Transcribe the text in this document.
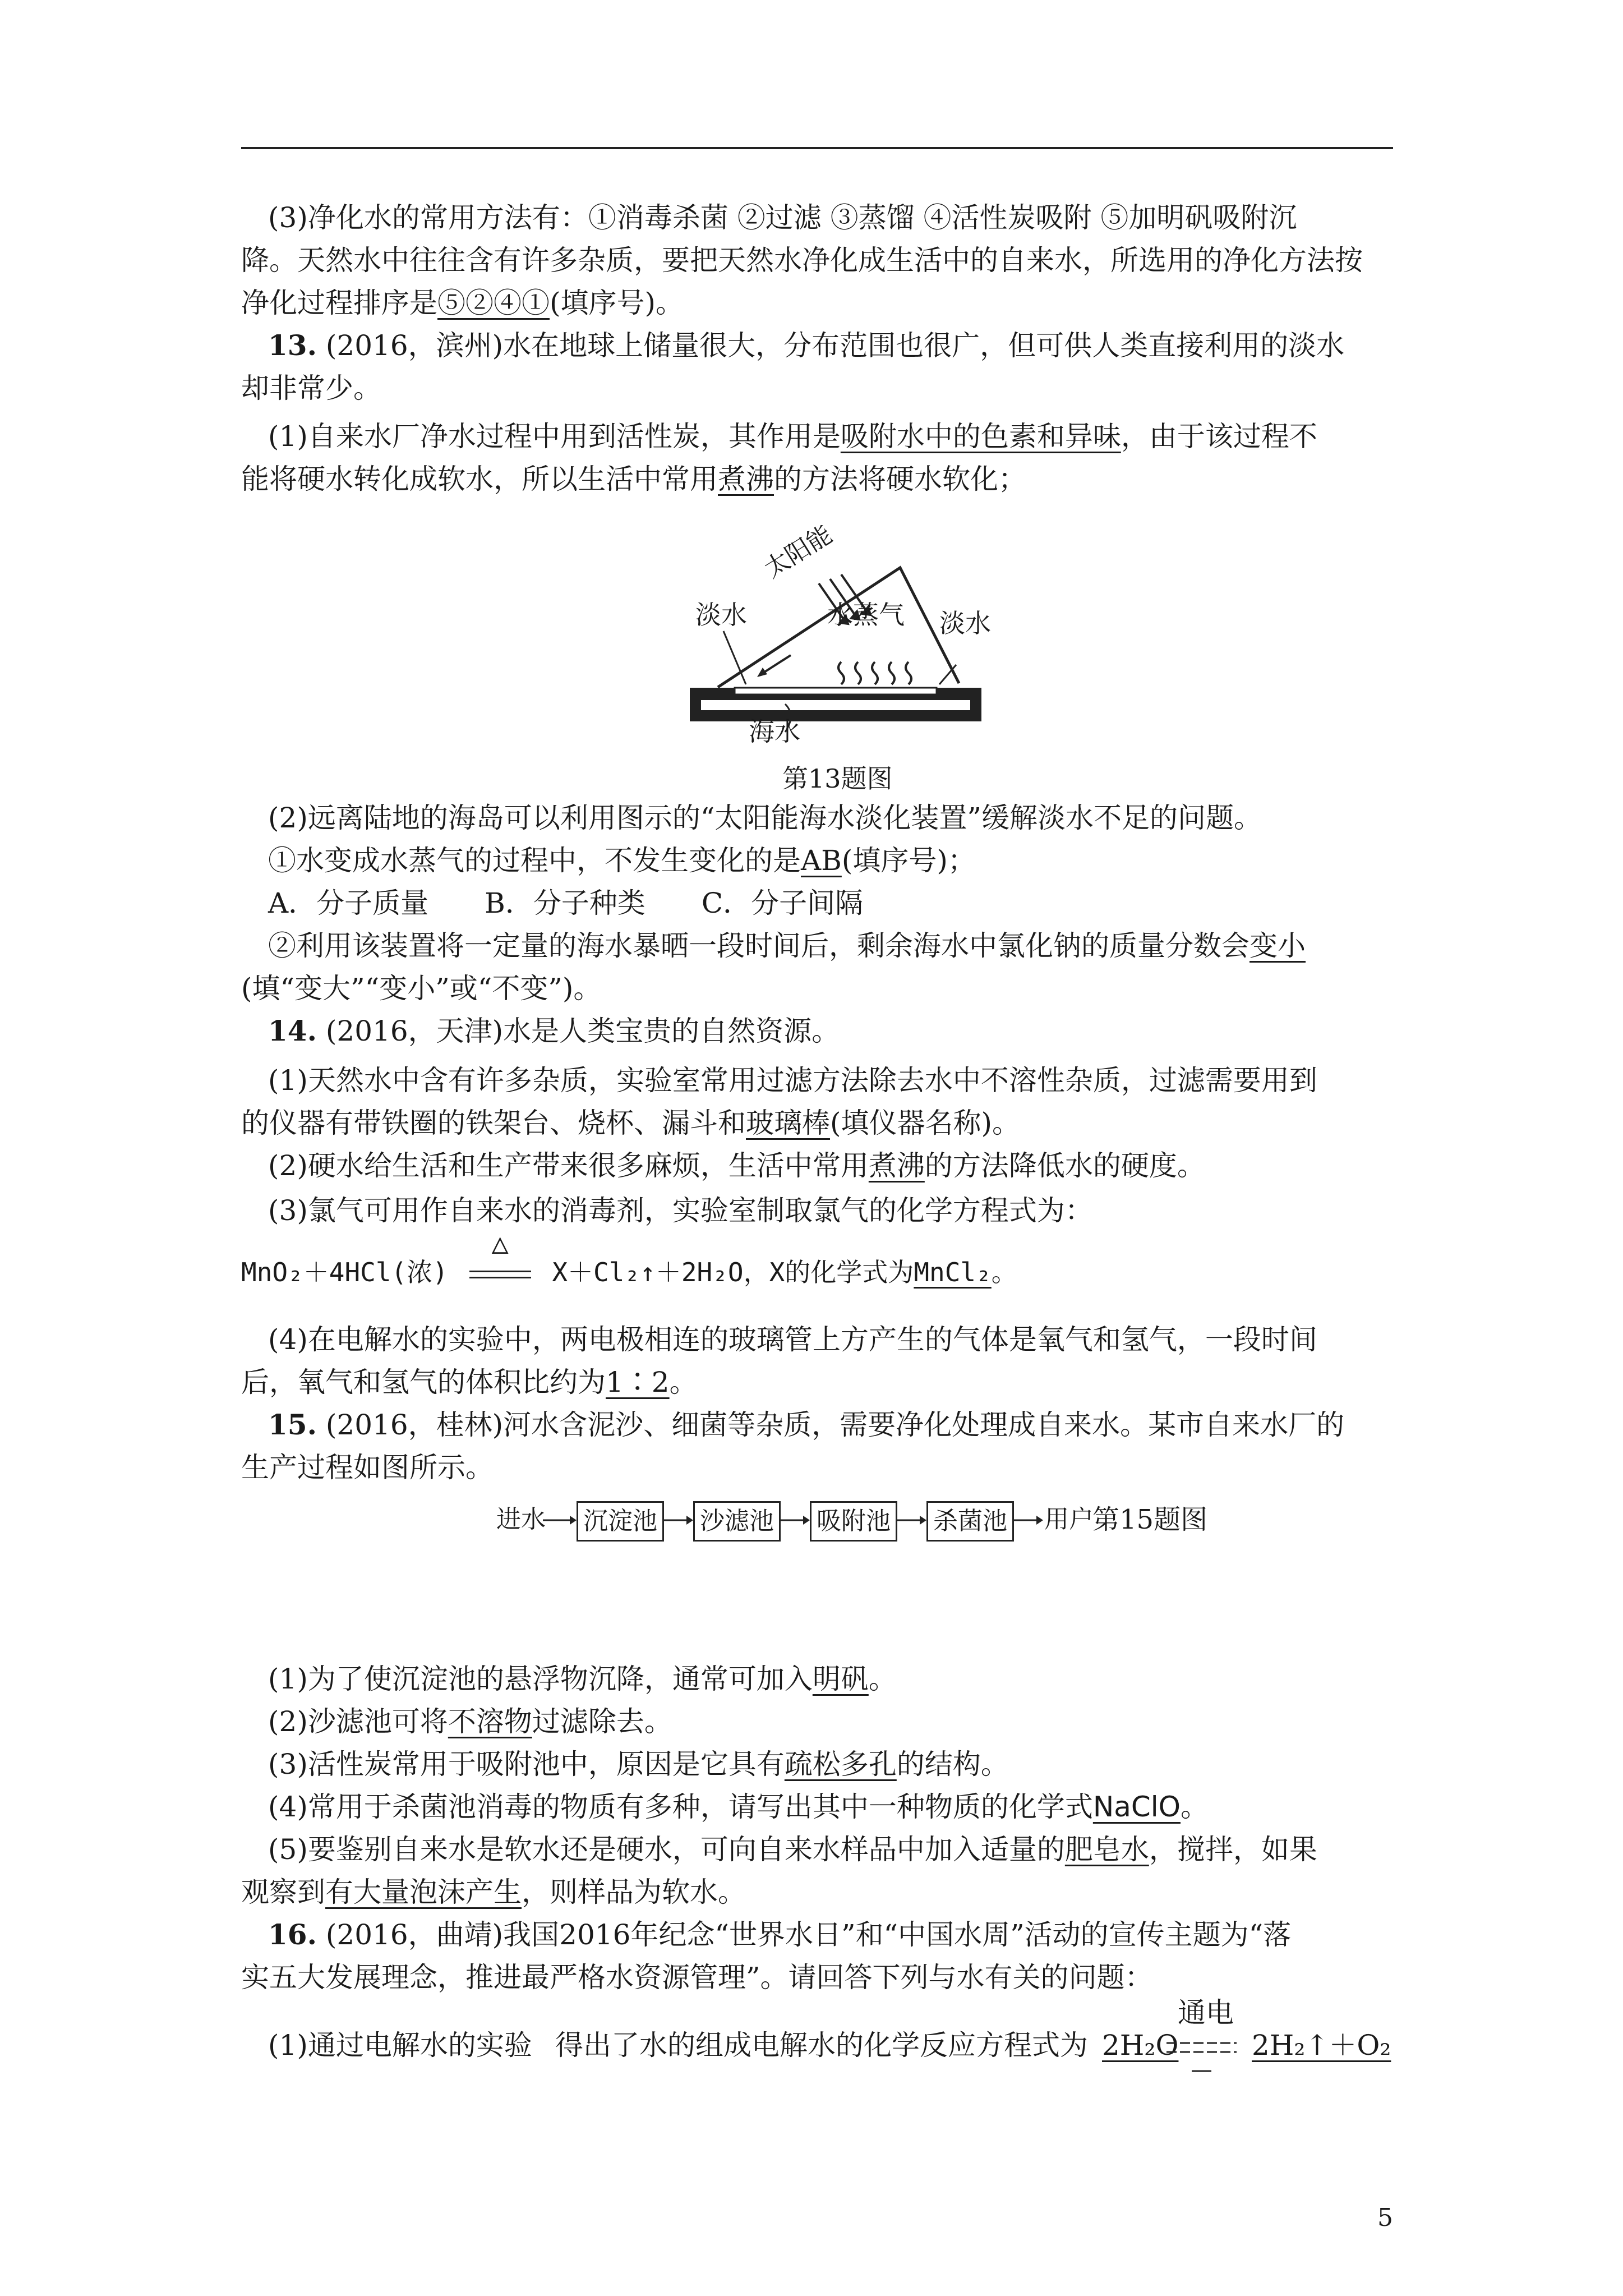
(3)净化水的常用方法有：①消毒杀菌 ②过滤 ③蒸馏 ④活性炭吸附 ⑤加明矾吸附沉
降。天然水中往往含有许多杂质，要把天然水净化成生活中的自来水，所选用的净化方法按
净化过程排序是⑤②④①(填序号)。
13. (2016，滨州)水在地球上储量很大，分布范围也很广，但可供人类直接利用的淡水
却非常少。
(1)自来水厂净水过程中用到活性炭，其作用是吸附水中的色素和异味，由于该过程不
能将硬水转化成软水，所以生活中常用煮沸的方法将硬水软化；
太阳能
淡水	水蒸气 淡水
海水
第13题图
(2)远离陆地的海岛可以利用图示的“太阳能海水淡化装置”缓解淡水不足的问题。
①水变成水蒸气的过程中，不发生变化的是AB(填序号)；
A．分子质量　　B．分子种类　　C．分子间隔
②利用该装置将一定量的海水暴晒一段时间后，剩余海水中氯化钠的质量分数会变小
(填“变大”“变小”或“不变”)。
14. (2016，天津)水是人类宝贵的自然资源。
(1)天然水中含有许多杂质，实验室常用过滤方法除去水中不溶性杂质，过滤需要用到
的仪器有带铁圈的铁架台、烧杯、漏斗和玻璃棒(填仪器名称)。
(2)硬水给生活和生产带来很多麻烦，生活中常用煮沸的方法降低水的硬度。
(3)氯气可用作自来水的消毒剂，实验室制取氯气的化学方程式为：
MnO₂＋4HCl(浓)
△
X＋Cl₂↑＋2H₂O，X的化学式为MnCl₂。
(4)在电解水的实验中，两电极相连的玻璃管上方产生的气体是氧气和氢气，一段时间
后，氧气和氢气的体积比约为1∶2。
15. (2016，桂林)河水含泥沙、细菌等杂质，需要净化处理成自来水。某市自来水厂的
生产过程如图所示。
进水 沉淀池 沙滤池 吸附池 杀菌池 用户
第15题图
(1)为了使沉淀池的悬浮物沉降，通常可加入明矾。
(2)沙滤池可将不溶物过滤除去。
(3)活性炭常用于吸附池中，原因是它具有疏松多孔的结构。
(4)常用于杀菌池消毒的物质有多种，请写出其中一种物质的化学式NaClO。
(5)要鉴别自来水是软水还是硬水，可向自来水样品中加入适量的肥皂水，搅拌，如果
观察到有大量泡沫产生，则样品为软水。
16. (2016，曲靖)我国2016年纪念“世界水日”和“中国水周”活动的宣传主题为“落
实五大发展理念，推进最严格水资源管理”。请回答下列与水有关的问题：
(1)通过电解水的实验 得出了水的组成 电解水的化学反应方程式为 2H₂O
通电
2H₂↑＋O₂
5
